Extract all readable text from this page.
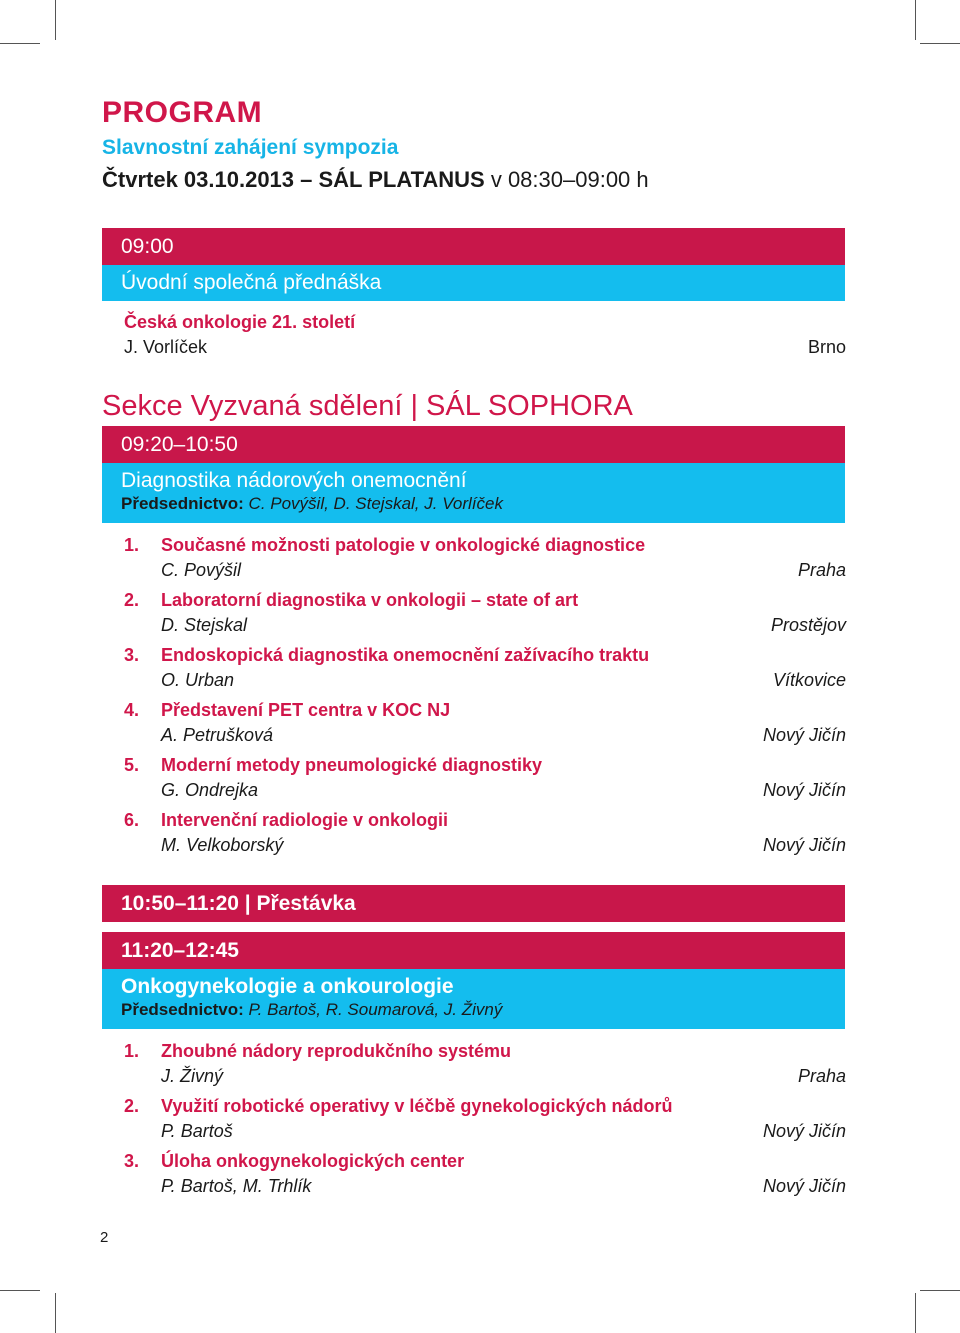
PROGRAM
Slavnostní zahájení sympozia
Čtvrtek 03.10.2013 – SÁL PLATANUS v 08:30–09:00 h
09:00
Úvodní společná přednáška
Česká onkologie 21. století
J. Vorlíček	Brno
Sekce Vyzvaná sdělení | SÁL SOPHORA
09:20–10:50
Diagnostika nádorových onemocnění
Předsednictvo: C. Povýšil, D. Stejskal, J. Vorlíček
1. Současné možnosti patologie v onkologické diagnostice
C. Povýšil	Praha
2. Laboratorní diagnostika v onkologii – state of art
D. Stejskal	Prostějov
3. Endoskopická diagnostika onemocnění zažívacího traktu
O. Urban	Vítkovice
4. Představení PET centra v KOC NJ
A. Petrušková	Nový Jičín
5. Moderní metody pneumologické diagnostiky
G. Ondrejka	Nový Jičín
6. Intervenční radiologie v onkologii
M. Velkoborský	Nový Jičín
10:50–11:20 | Přestávka
11:20–12:45
Onkogynekologie a onkourologie
Předsednictvo: P. Bartoš, R. Soumarová, J. Živný
1. Zhoubné nádory reprodukčního systému
J. Živný	Praha
2. Využití robotické operativy v léčbě gynekologických nádorů
P. Bartoš	Nový Jičín
3. Úloha onkogynekologických center
P. Bartoš, M. Trhlík	Nový Jičín
2
